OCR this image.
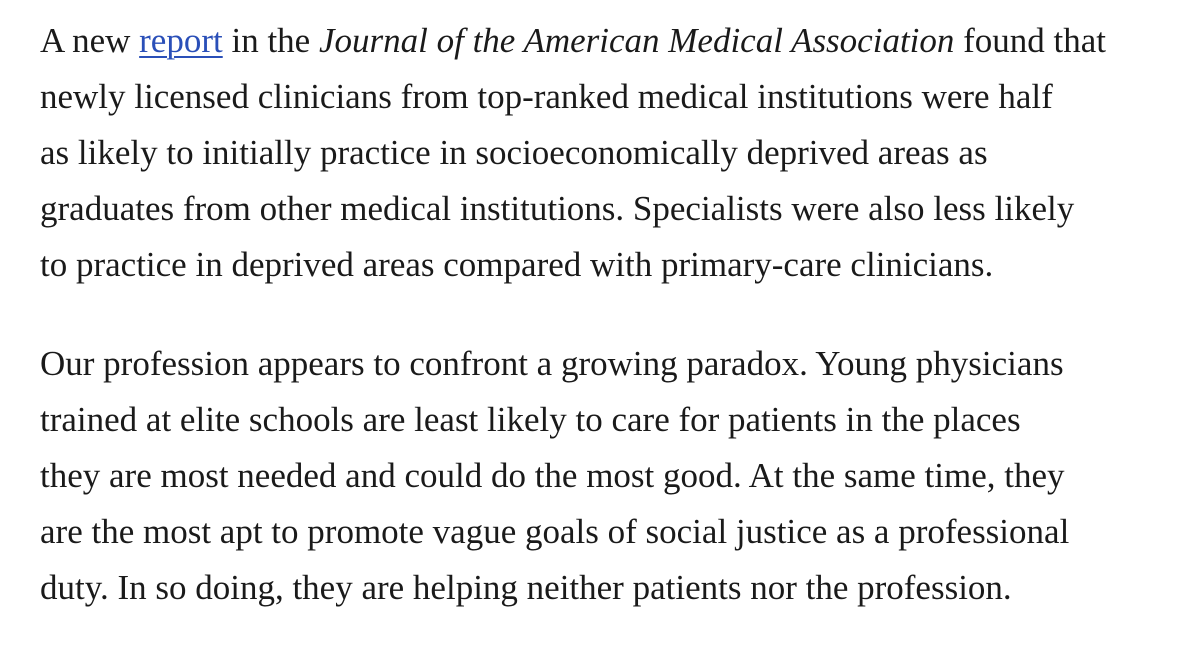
A new report in the Journal of the American Medical Association found that
newly licensed clinicians from top-ranked medical institutions were half
as likely to initially practice in socioeconomically deprived areas as
graduates from other medical institutions. Specialists were also less likely
to practice in deprived areas compared with primary-care clinicians.

Our profession appears to confront a growing paradox. Young physicians
trained at elite schools are least likely to care for patients in the places
they are most needed and could do the most good. At the same time, they
are the most apt to promote vague goals of social justice as a professional
duty. In so doing, they are helping neither patients nor the profession.
